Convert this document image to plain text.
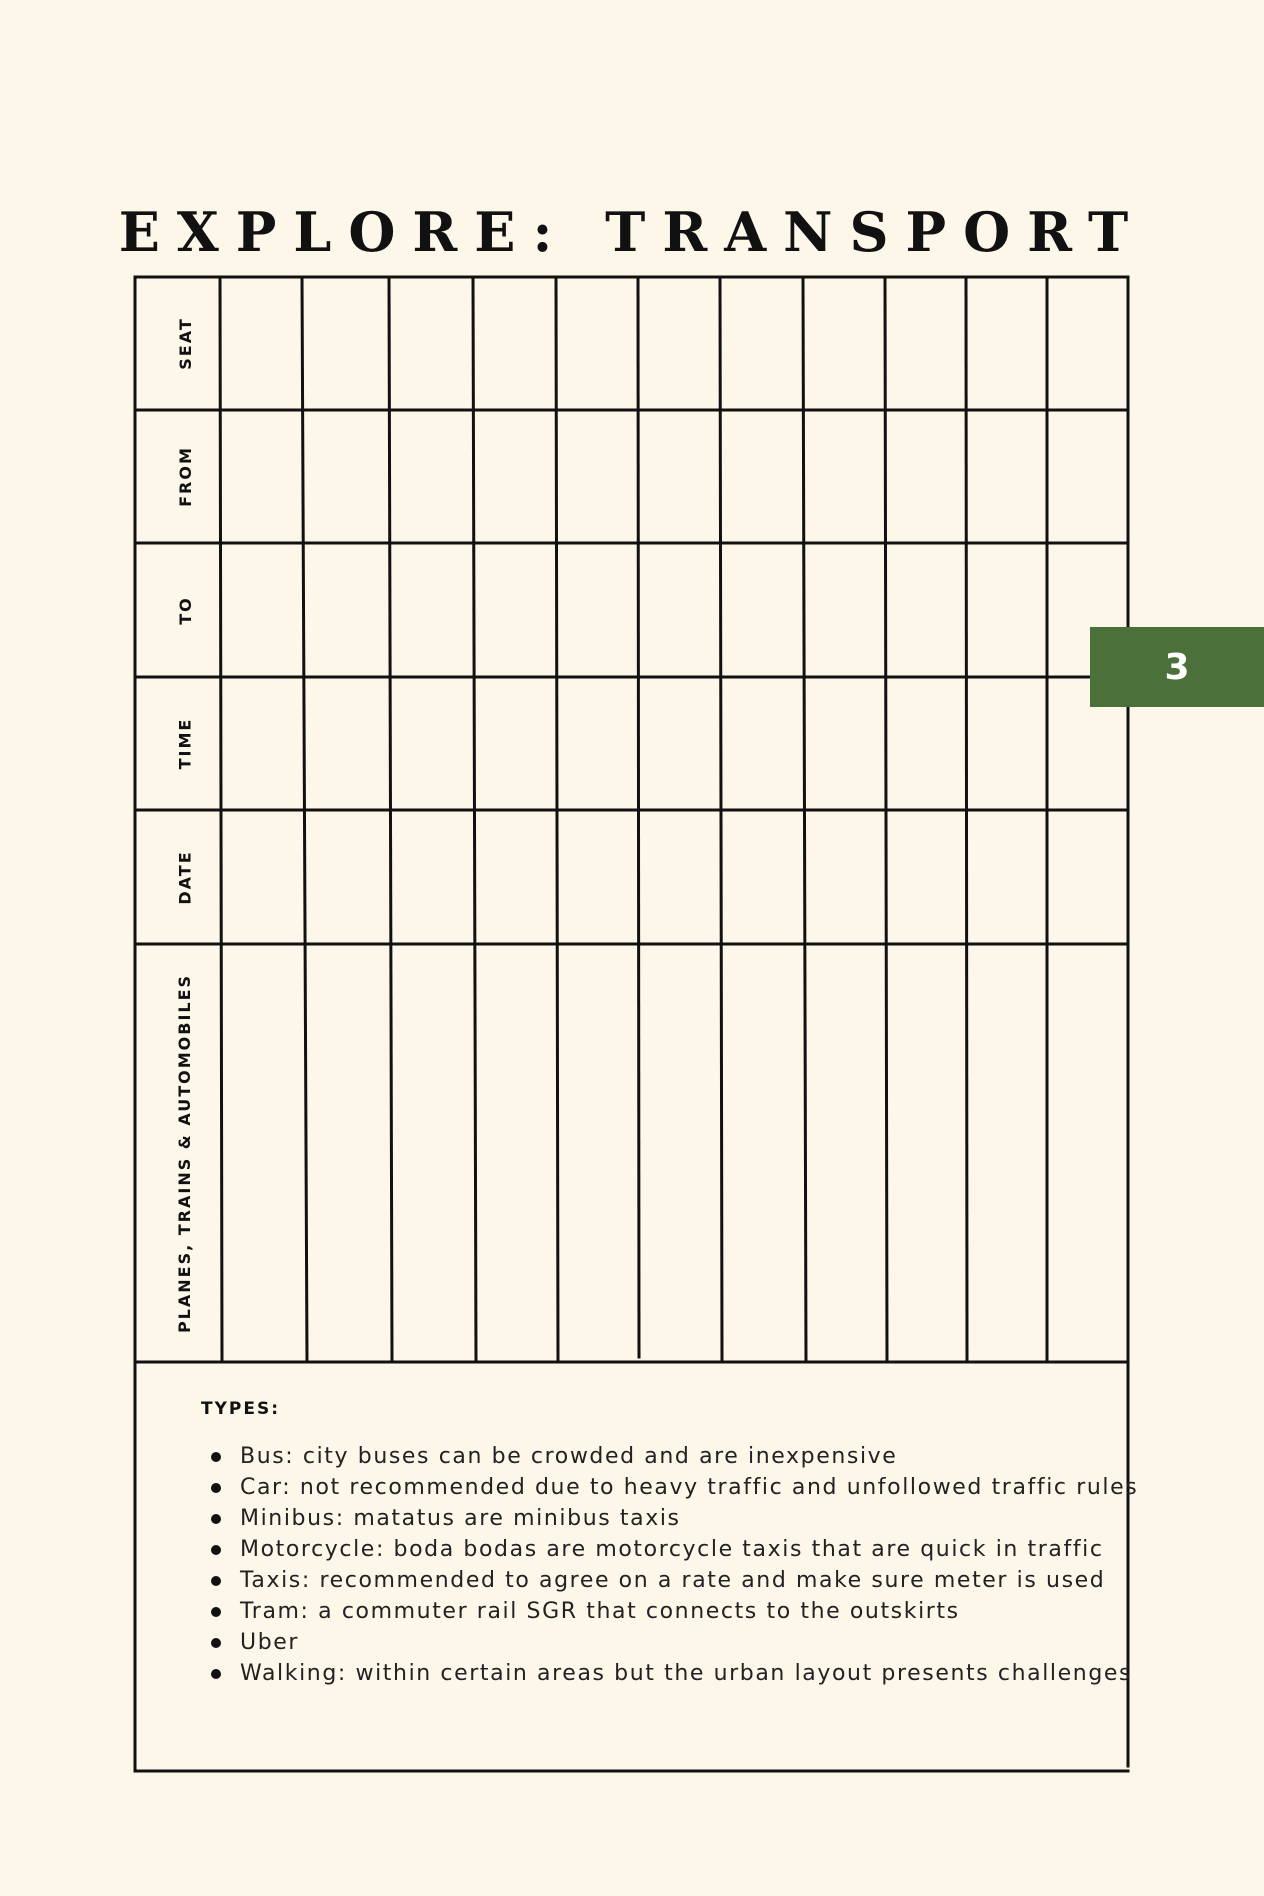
EXPLORE: TRANSPORT
SEAT
FROM
TO
TIME
DATE
PLANES, TRAINS & AUTOMOBILES
3
TYPES:
Bus: city buses can be crowded and are inexpensive
Car: not recommended due to heavy traffic and unfollowed traffic rules
Minibus: matatus are minibus taxis
Motorcycle: boda bodas are motorcycle taxis that are quick in traffic
Taxis: recommended to agree on a rate and make sure meter is used
Tram: a commuter rail SGR that connects to the outskirts
Uber
Walking: within certain areas but the urban layout presents challenges
